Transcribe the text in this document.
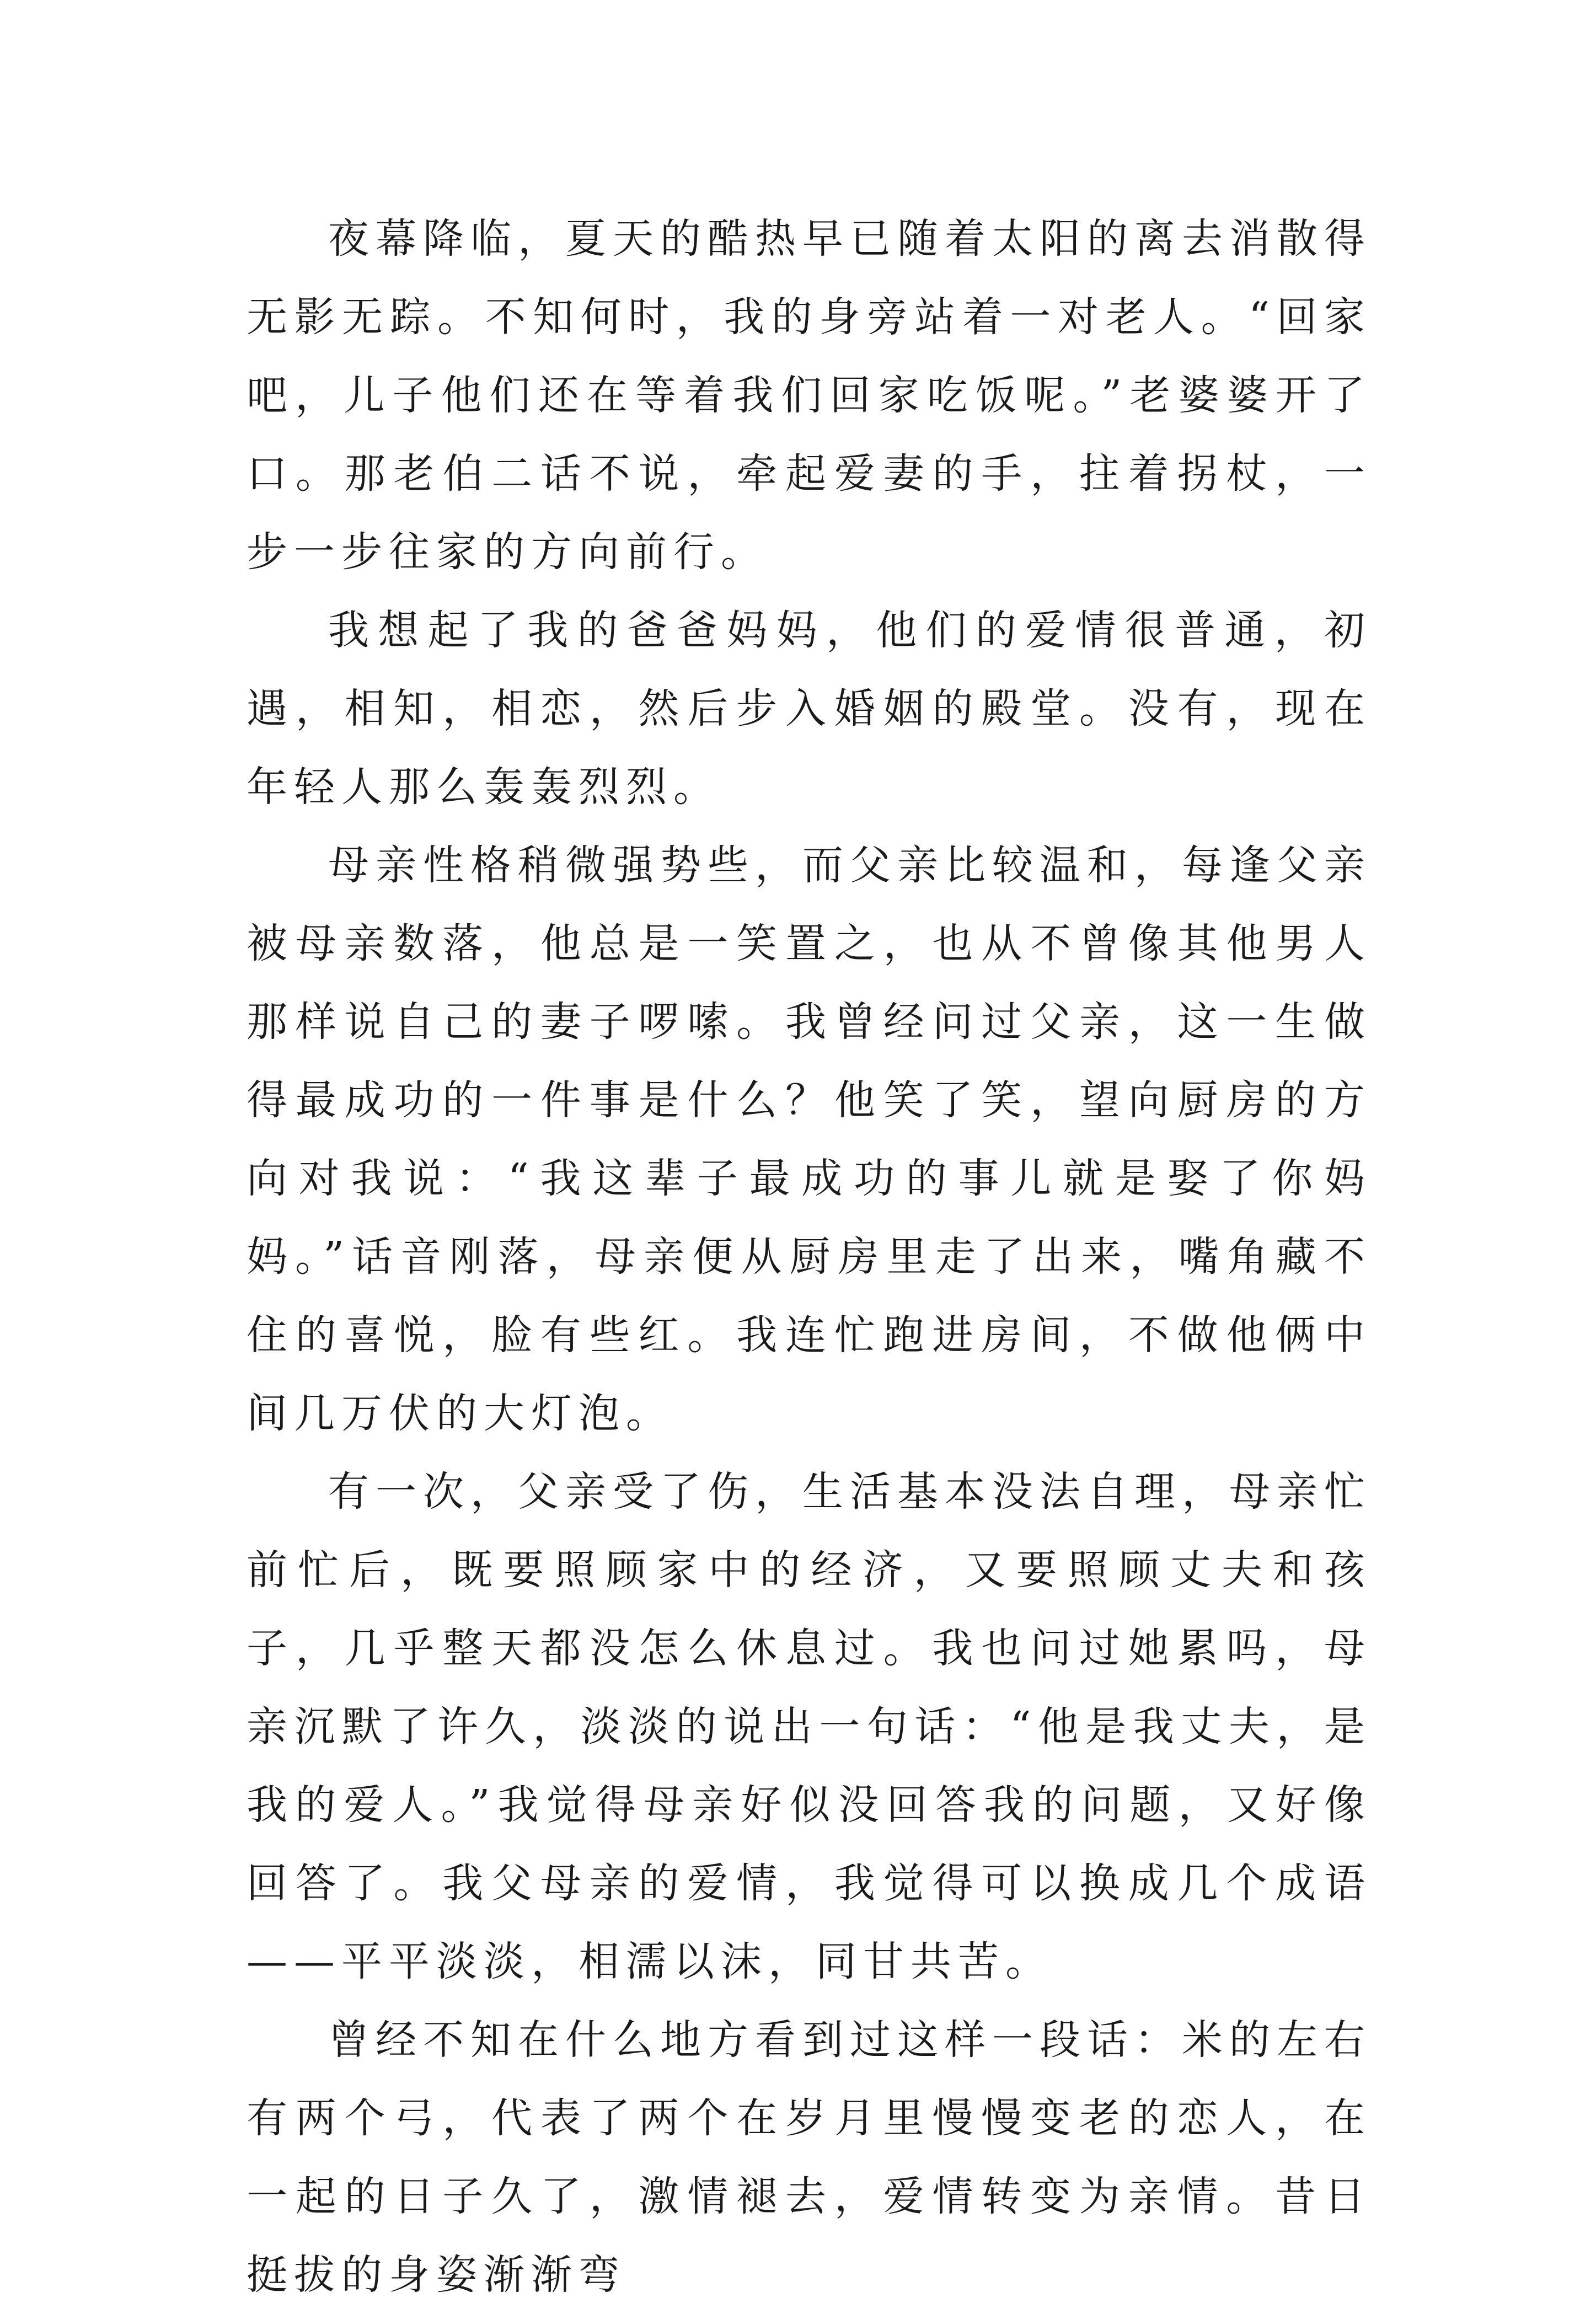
夜幕降临，夏天的酷热早已随着太阳的离去消散得无影无踪。不知何时，我的身旁站着一对老人。“回家吧，儿子他们还在等着我们回家吃饭呢。”老婆婆开了口。那老伯二话不说，牵起爱妻的手，拄着拐杖，一步一步往家的方向前行。

我想起了我的爸爸妈妈，他们的爱情很普通，初遇，相知，相恋，然后步入婚姻的殿堂。没有，现在年轻人那么轰轰烈烈。

母亲性格稍微强势些，而父亲比较温和，每逢父亲被母亲数落，他总是一笑置之，也从不曾像其他男人那样说自己的妻子啰嗦。我曾经问过父亲，这一生做得最成功的一件事是什么？他笑了笑，望向厨房的方向对我说：“我这辈子最成功的事儿就是娶了你妈妈。”话音刚落，母亲便从厨房里走了出来，嘴角藏不住的喜悦，脸有些红。我连忙跑进房间，不做他俩中间几万伏的大灯泡。

有一次，父亲受了伤，生活基本没法自理，母亲忙前忙后，既要照顾家中的经济，又要照顾丈夫和孩子，几乎整天都没怎么休息过。我也问过她累吗，母亲沉默了许久，淡淡的说出一句话：“他是我丈夫，是我的爱人。”我觉得母亲好似没回答我的问题，又好像回答了。我父母亲的爱情，我觉得可以换成几个成语——平平淡淡，相濡以沫，同甘共苦。

曾经不知在什么地方看到过这样一段话：米的左右有两个弓，代表了两个在岁月里慢慢变老的恋人，在一起的日子久了，激情褪去，爱情转变为亲情。昔日挺拔的身姿渐渐弯
